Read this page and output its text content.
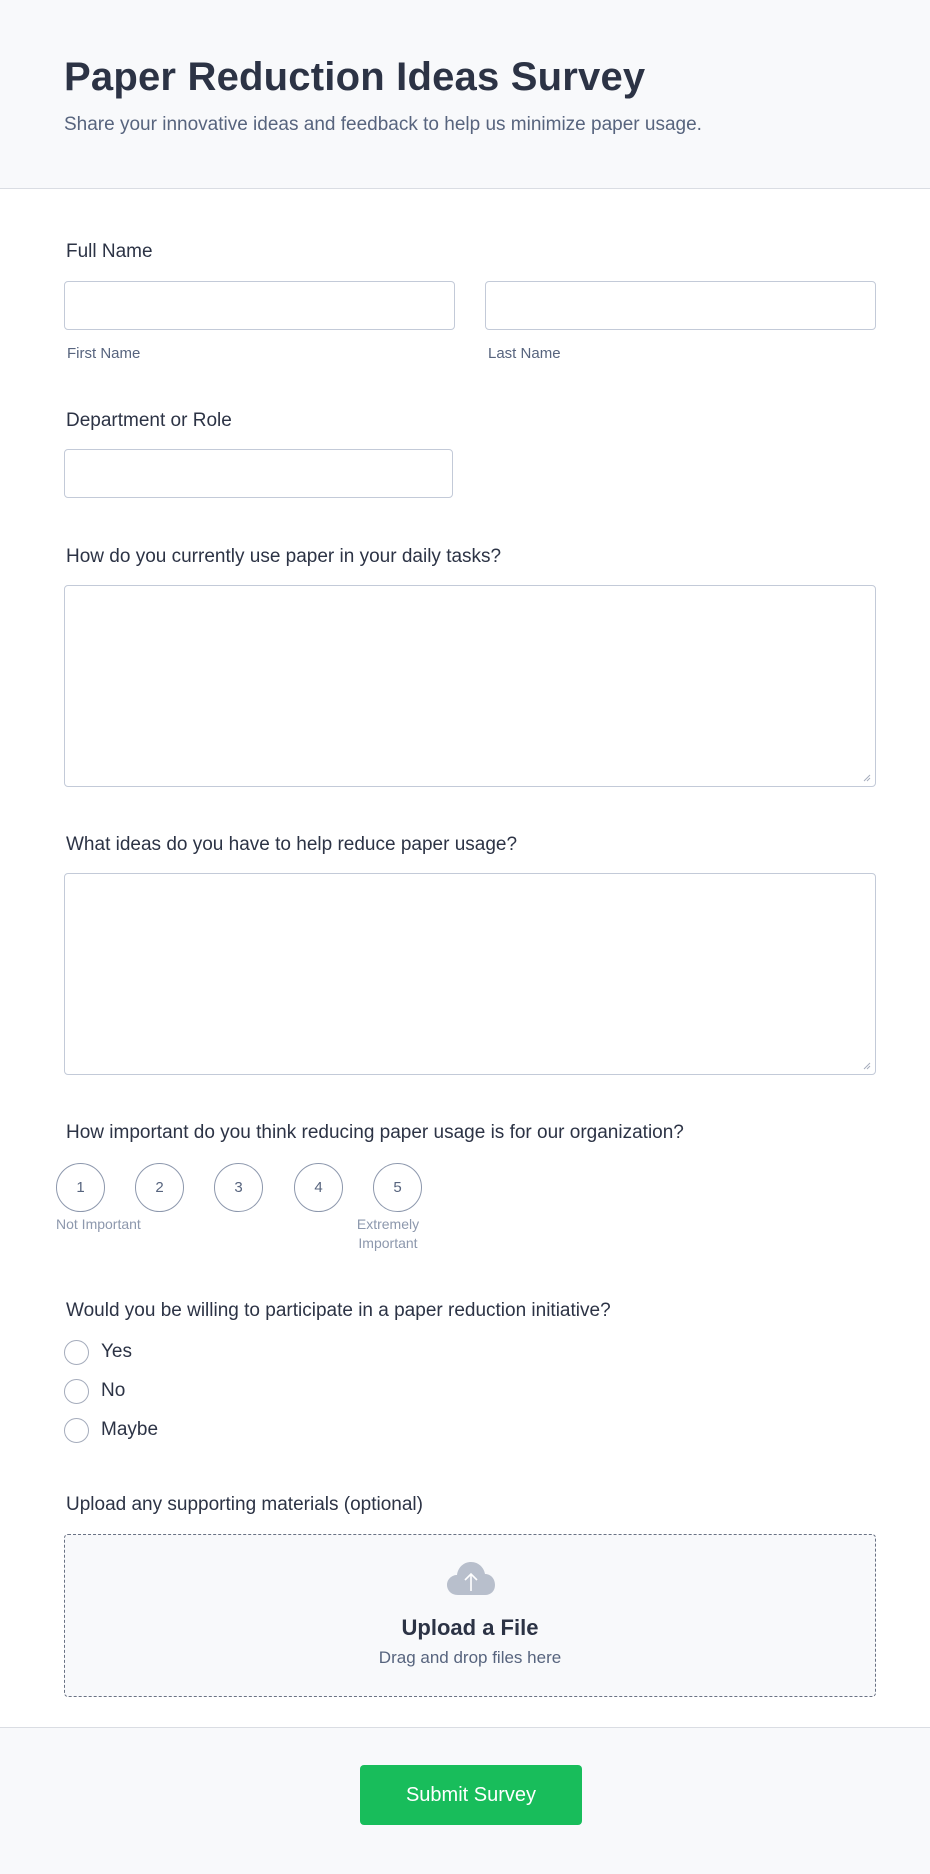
Paper Reduction Ideas Survey

Share your innovative ideas and feedback to help us minimize paper usage.

Full Name
First Name	Last Name
Department or Role
How do you currently use paper in your daily tasks?
What ideas do you have to help reduce paper usage?
How important do you think reducing paper usage is for our organization?
1	2	3	4	5
Not Important	Extremely
Important
Would you be willing to participate in a paper reduction initiative?
Yes
No
Maybe
Upload any supporting materials (optional)
Upload a File
Drag and drop files here
Submit Survey
